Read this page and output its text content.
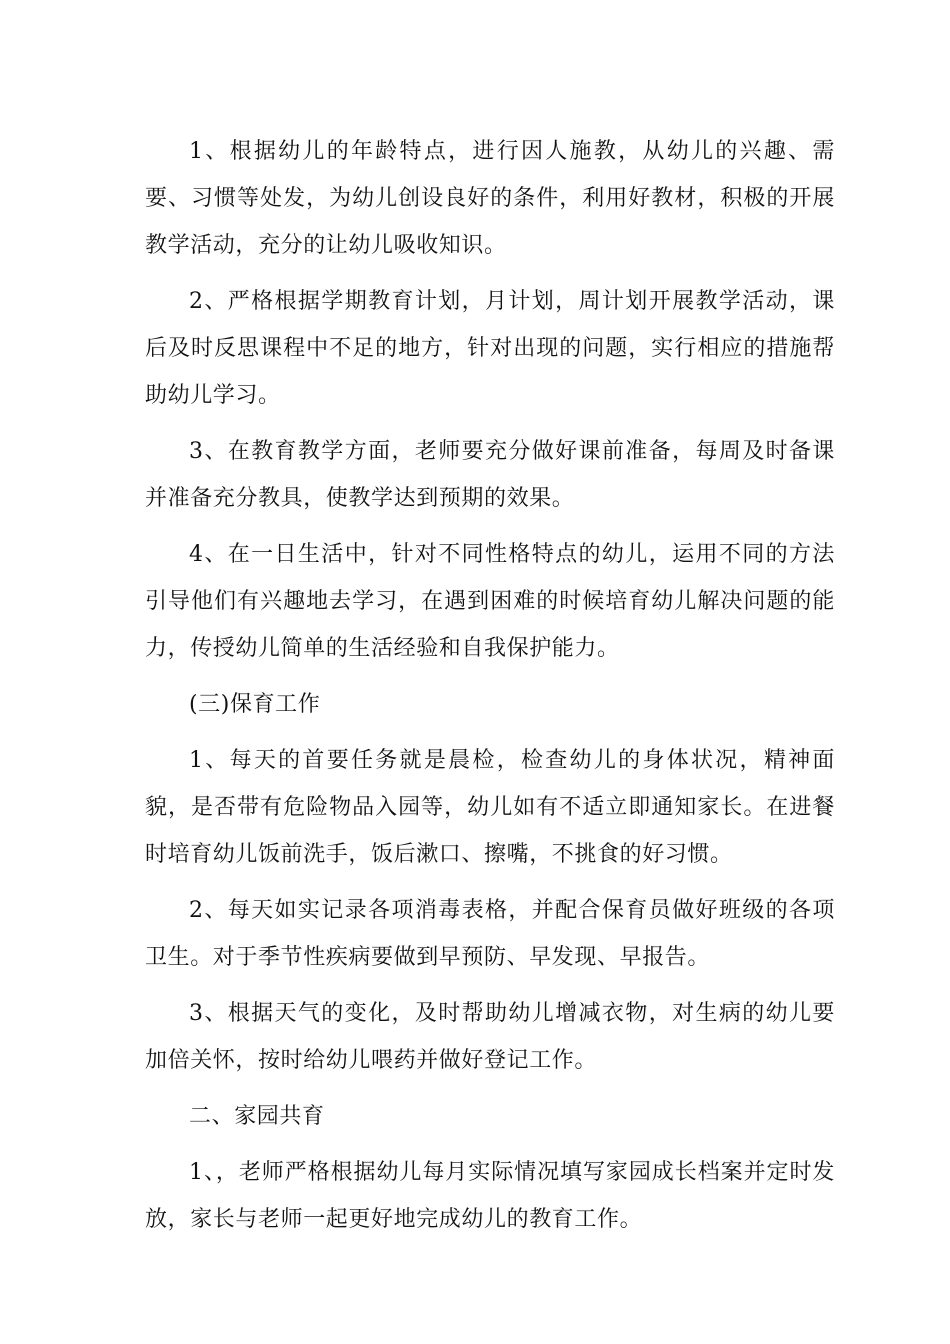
1、根据幼儿的年龄特点，进行因人施教，从幼儿的兴趣、需要、习惯等处发，为幼儿创设良好的条件，利用好教材，积极的开展教学活动，充分的让幼儿吸收知识。

2、严格根据学期教育计划，月计划，周计划开展教学活动，课后及时反思课程中不足的地方，针对出现的问题，实行相应的措施帮助幼儿学习。

3、在教育教学方面，老师要充分做好课前准备，每周及时备课并准备充分教具，使教学达到预期的效果。

4、在一日生活中，针对不同性格特点的幼儿，运用不同的方法引导他们有兴趣地去学习，在遇到困难的时候培育幼儿解决问题的能力，传授幼儿简单的生活经验和自我保护能力。

(三)保育工作

1、每天的首要任务就是晨检，检查幼儿的身体状况，精神面貌，是否带有危险物品入园等，幼儿如有不适立即通知家长。在进餐时培育幼儿饭前洗手，饭后漱口、擦嘴，不挑食的好习惯。

2、每天如实记录各项消毒表格，并配合保育员做好班级的各项卫生。对于季节性疾病要做到早预防、早发现、早报告。

3、根据天气的变化，及时帮助幼儿增减衣物，对生病的幼儿要加倍关怀，按时给幼儿喂药并做好登记工作。

二、家园共育

1、，老师严格根据幼儿每月实际情况填写家园成长档案并定时发放，家长与老师一起更好地完成幼儿的教育工作。
